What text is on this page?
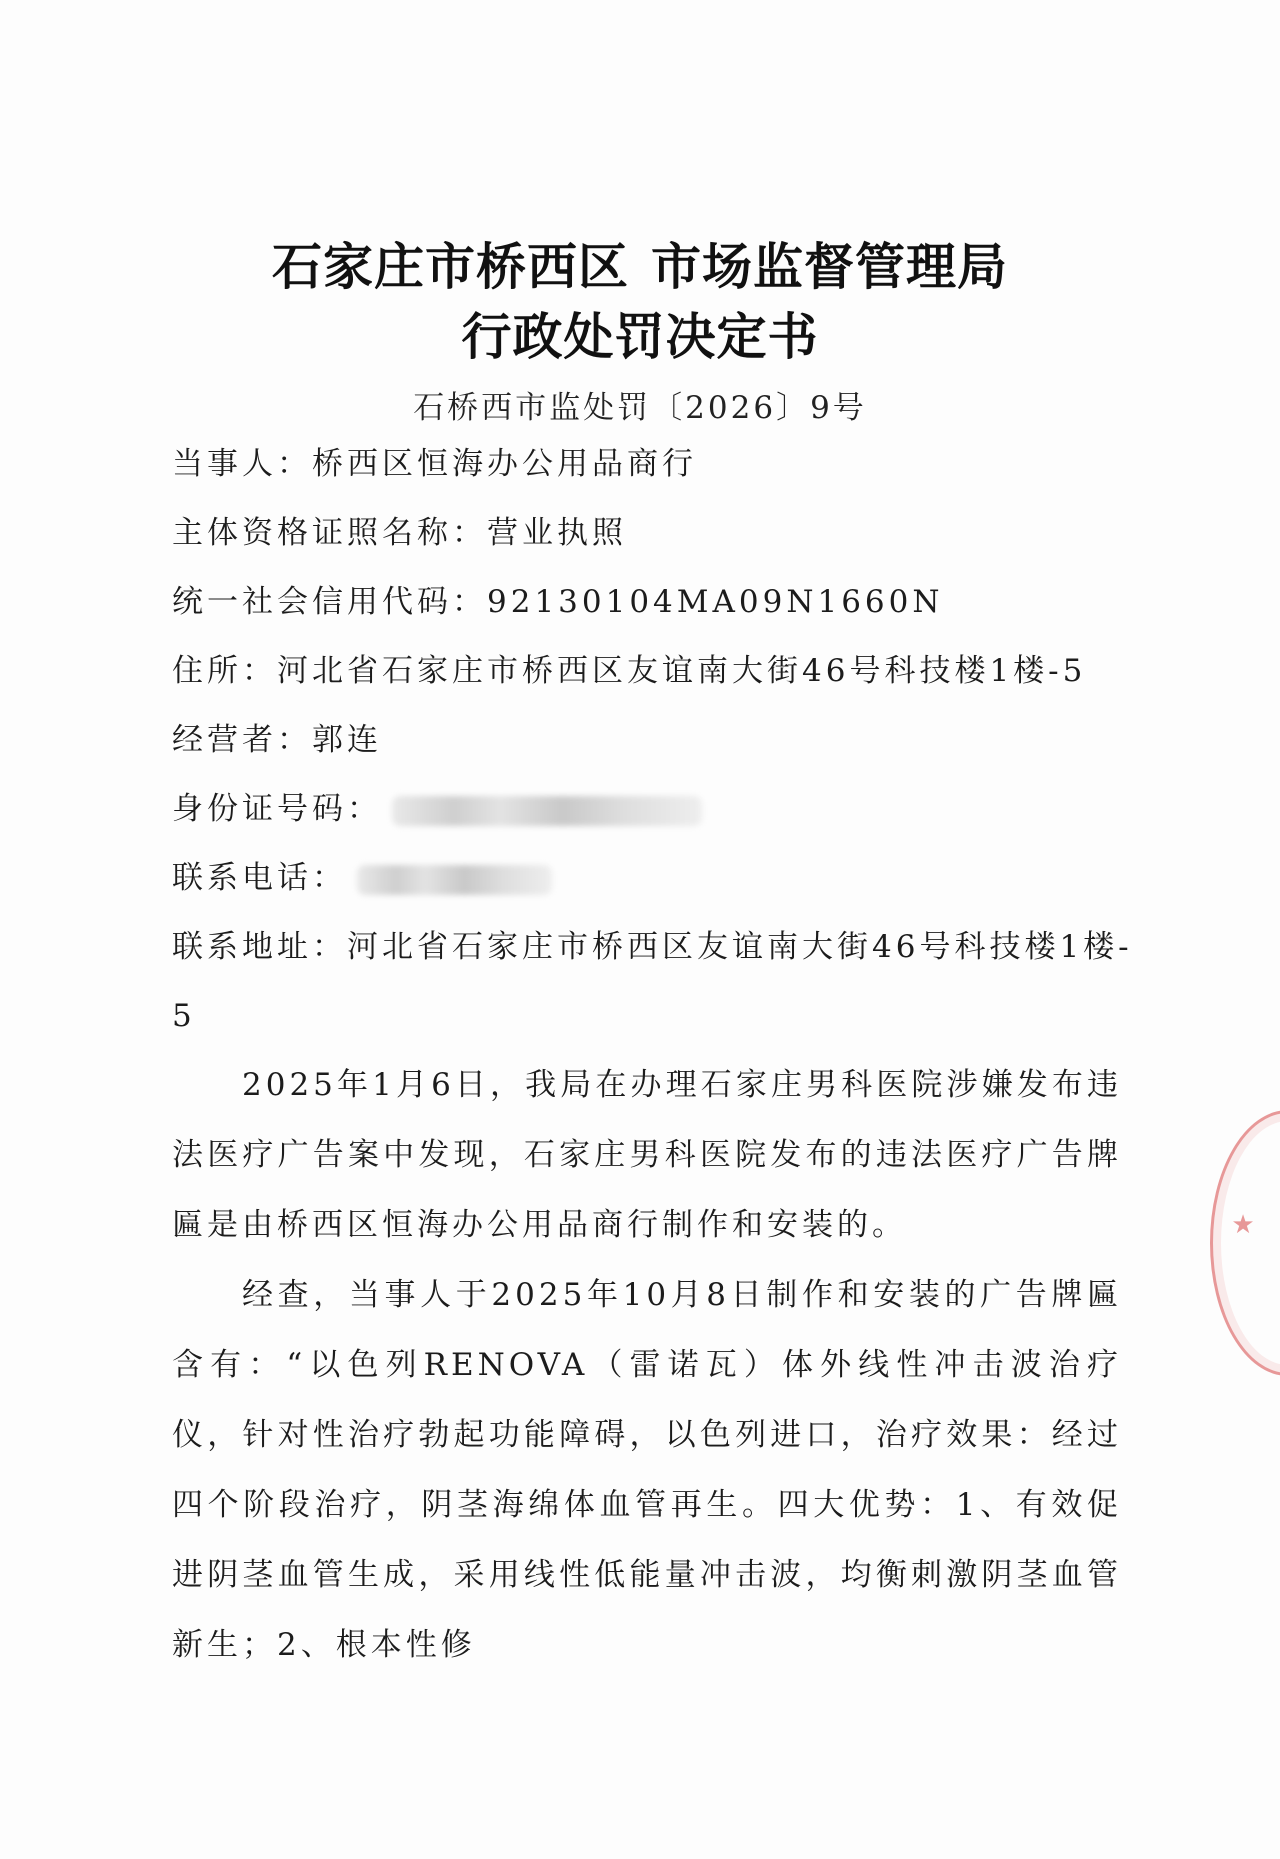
石家庄市桥西区 市场监督管理局
行政处罚决定书
石桥西市监处罚〔2026〕9号
当事人：桥西区恒海办公用品商行
主体资格证照名称：营业执照
统一社会信用代码：92130104MA09N1660N
住所：河北省石家庄市桥西区友谊南大街46号科技楼1楼-5
经营者：郭连
身份证号码：
联系电话：
联系地址：河北省石家庄市桥西区友谊南大街46号科技楼1楼-
5
2025年1月6日，我局在办理石家庄男科医院涉嫌发布违法医疗广告案中发现，石家庄男科医院发布的违法医疗广告牌匾是由桥西区恒海办公用品商行制作和安装的。
经查，当事人于2025年10月8日制作和安装的广告牌匾含有：“以色列RENOVA（雷诺瓦）体外线性冲击波治疗仪，针对性治疗勃起功能障碍，以色列进口，治疗效果：经过四个阶段治疗，阴茎海绵体血管再生。四大优势：1、有效促进阴茎血管生成，采用线性低能量冲击波，均衡刺激阴茎血管新生；2、根本性修
★
